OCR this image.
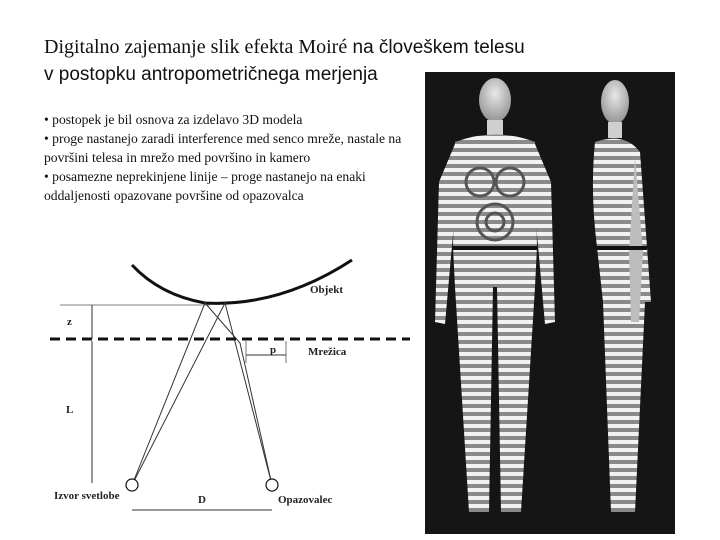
Digitalno zajemanje slik efekta Moiré na človeškem telesu
v postopku antropometričnega merjenja

• postopek je bil osnova za izdelavo 3D modela

• proge nastanejo zaradi interference med senco mreže, nastale na površini telesa in mrežo med površino in kamero

• posamezne neprekinjene linije – proge nastanejo na enaki oddaljenosti opazovane površine od opazovalca

Objekt
Mrežica
z
p
L
Izvor svetlobe	Opazovalec
D
